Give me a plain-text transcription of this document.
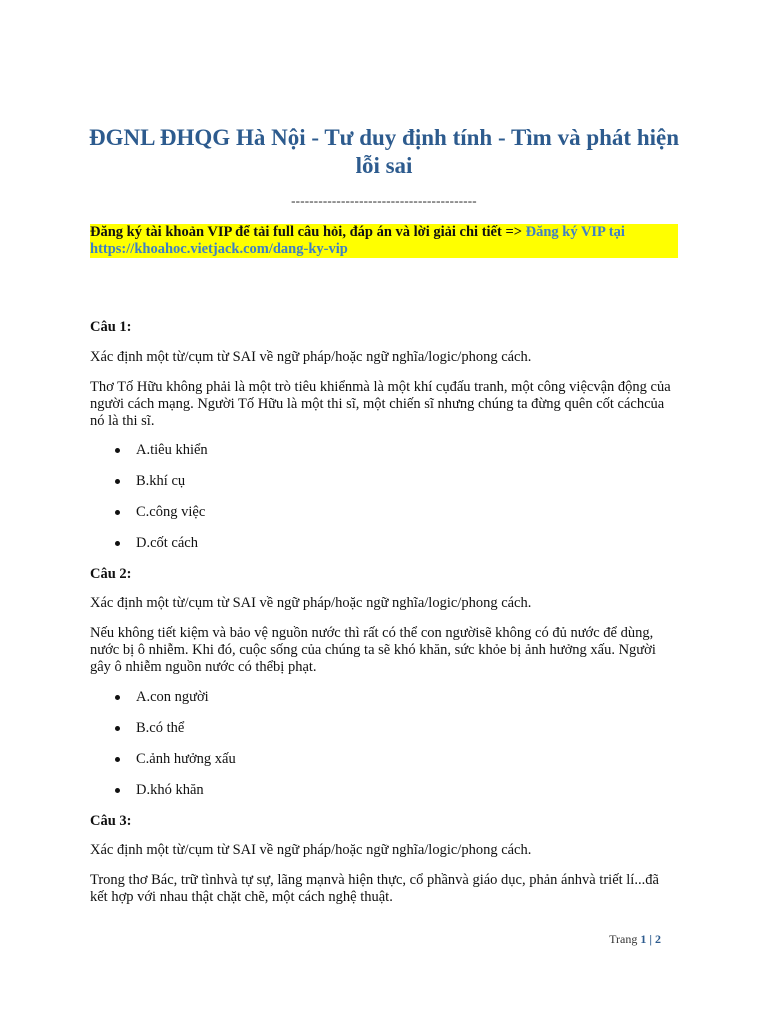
ĐGNL ĐHQG Hà Nội - Tư duy định tính - Tìm và phát hiện lỗi sai
-----------------------------------------
Đăng ký tài khoản VIP để tải full câu hỏi, đáp án và lời giải chi tiết => Đăng ký VIP tại https://khoahoc.vietjack.com/dang-ky-vip

Câu 1:

Xác định một từ/cụm từ SAI về ngữ pháp/hoặc ngữ nghĩa/logic/phong cách.

Thơ Tố Hữu không phải là một trò tiêu khiểnmà là một khí cụđấu tranh, một công việcvận động của người cách mạng. Người Tố Hữu là một thi sĩ, một chiến sĩ nhưng chúng ta đừng quên cốt cáchcủa nó là thi sĩ.

A.tiêu khiển
B.khí cụ
C.công việc
D.cốt cách

Câu 2:

Xác định một từ/cụm từ SAI về ngữ pháp/hoặc ngữ nghĩa/logic/phong cách.

Nếu không tiết kiệm và bảo vệ nguồn nước thì rất có thể con ngườisẽ không có đủ nước để dùng, nước bị ô nhiễm. Khi đó, cuộc sống của chúng ta sẽ khó khăn, sức khỏe bị ảnh hưởng xấu. Người gây ô nhiễm nguồn nước có thểbị phạt.

A.con người
B.có thể
C.ảnh hưởng xấu
D.khó khăn

Câu 3:

Xác định một từ/cụm từ SAI về ngữ pháp/hoặc ngữ nghĩa/logic/phong cách.

Trong thơ Bác, trữ tìnhvà tự sự, lãng mạnvà hiện thực, cổ phầnvà giáo dục, phản ánhvà triết lí...đã kết hợp với nhau thật chặt chẽ, một cách nghệ thuật.

Trang 1 | 2
